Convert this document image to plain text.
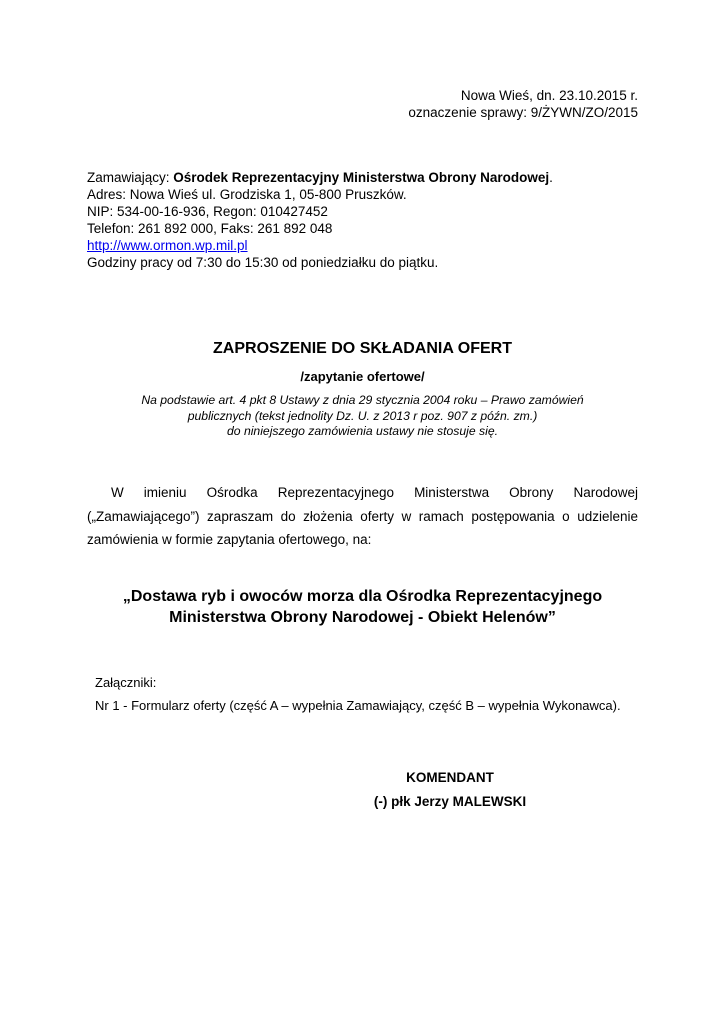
Nowa Wieś, dn. 23.10.2015 r.
oznaczenie sprawy: 9/ŻYWN/ZO/2015
Zamawiający: Ośrodek Reprezentacyjny Ministerstwa Obrony Narodowej.
Adres: Nowa Wieś ul. Grodziska 1, 05-800 Pruszków.
NIP: 534-00-16-936, Regon: 010427452
Telefon: 261 892 000, Faks: 261 892 048
http://www.ormon.wp.mil.pl
Godziny pracy od 7:30 do 15:30 od poniedziałku do piątku.
ZAPROSZENIE DO SKŁADANIA OFERT
/zapytanie ofertowe/
Na podstawie art. 4 pkt 8 Ustawy z dnia 29 stycznia 2004 roku – Prawo zamówień
publicznych (tekst jednolity Dz. U. z 2013 r poz. 907 z późn. zm.)
do niniejszego zamówienia ustawy nie stosuje się.
W imieniu Ośrodka Reprezentacyjnego Ministerstwa Obrony Narodowej („Zamawiającego”) zapraszam do złożenia oferty w ramach postępowania o udzielenie zamówienia w formie zapytania ofertowego, na:
„Dostawa ryb i owoców morza dla Ośrodka Reprezentacyjnego
Ministerstwa Obrony Narodowej - Obiekt Helenów”
Załączniki:
Nr 1 - Formularz oferty (część A – wypełnia Zamawiający, część B – wypełnia Wykonawca).
KOMENDANT
(-) płk Jerzy MALEWSKI
